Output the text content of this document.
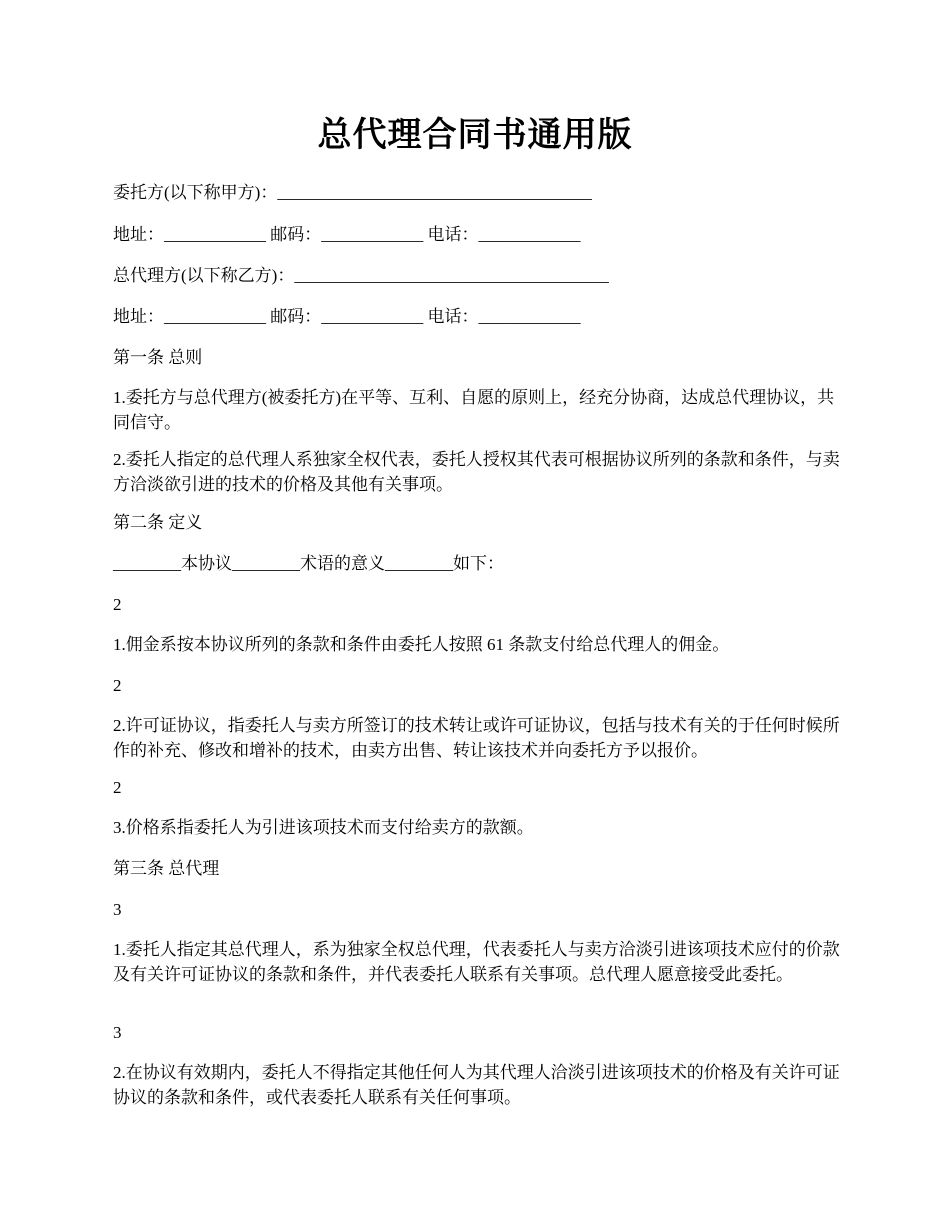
总代理合同书通用版
委托方(以下称甲方)：_____________________________________
地址：____________ 邮码：____________ 电话：____________
总代理方(以下称乙方)：_____________________________________
地址：____________ 邮码：____________ 电话：____________
第一条 总则
1.委托方与总代理方(被委托方)在平等、互利、自愿的原则上，经充分协商，达成总代理协议，共同信守。
2.委托人指定的总代理人系独家全权代表，委托人授权其代表可根据协议所列的条款和条件，与卖方洽淡欲引进的技术的价格及其他有关事项。
第二条 定义
________本协议________术语的意义________如下：
2
1.佣金系按本协议所列的条款和条件由委托人按照 61 条款支付给总代理人的佣金。
2
2.许可证协议，指委托人与卖方所签订的技术转让或许可证协议，包括与技术有关的于任何时候所作的补充、修改和增补的技术，由卖方出售、转让该技术并向委托方予以报价。
2
3.价格系指委托人为引进该项技术而支付给卖方的款额。
第三条 总代理
3
1.委托人指定其总代理人，系为独家全权总代理，代表委托人与卖方洽淡引进该项技术应付的价款及有关许可证协议的条款和条件，并代表委托人联系有关事项。总代理人愿意接受此委托。
3
2.在协议有效期内，委托人不得指定其他任何人为其代理人洽淡引进该项技术的价格及有关许可证协议的条款和条件，或代表委托人联系有关任何事项。
